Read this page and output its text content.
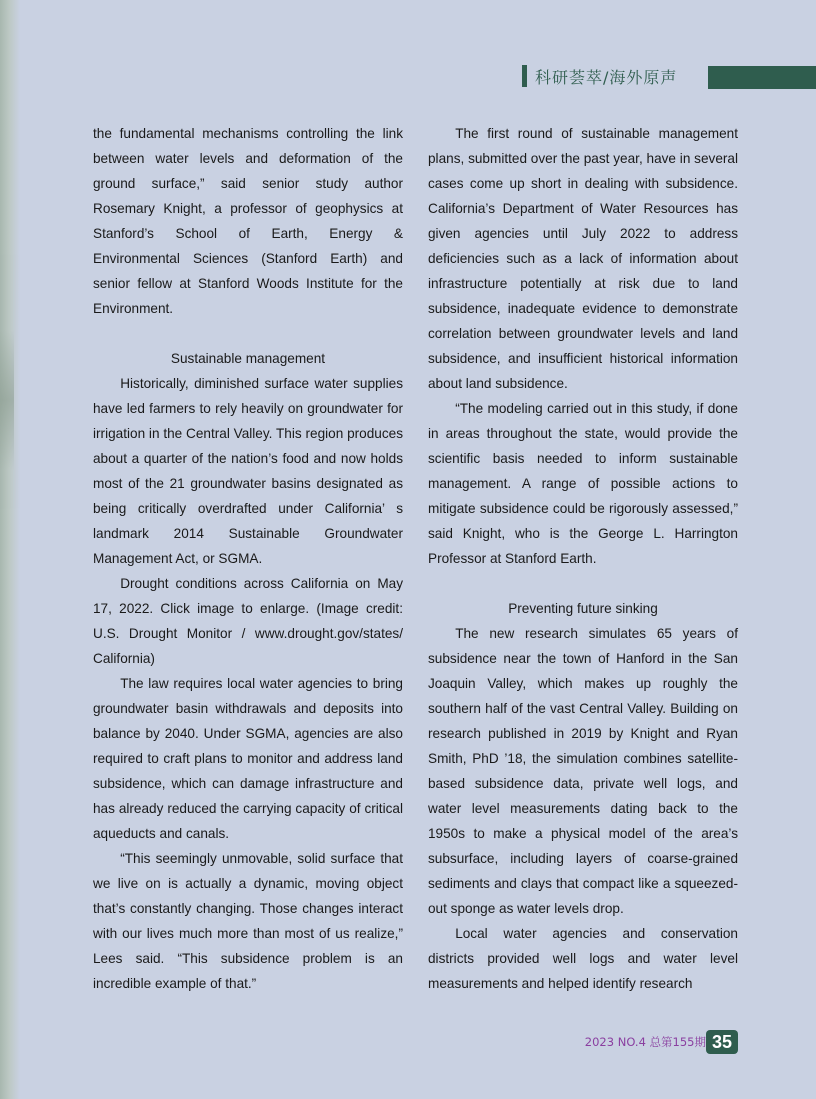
科研荟萃/海外原声

the fundamental mechanisms controlling the link between water levels and deformation of the ground surface,” said senior study author Rosemary Knight, a professor of geophysics at Stanford’s School of Earth, Energy & Environmental Sciences (Stanford Earth) and senior fellow at Stanford Woods Institute for the Environment.

Sustainable management

Historically, diminished surface water supplies have led farmers to rely heavily on groundwater for irrigation in the Central Valley. This region produces about a quarter of the nation’s food and now holds most of the 21 groundwater basins designated as being critically overdrafted under California’ s landmark 2014 Sustainable Groundwater Management Act, or SGMA.

Drought conditions across California on May 17, 2022. Click image to enlarge. (Image credit: U.S. Drought Monitor / www.drought.gov/states/ California)

The law requires local water agencies to bring groundwater basin withdrawals and deposits into balance by 2040. Under SGMA, agencies are also required to craft plans to monitor and address land subsidence, which can damage infrastructure and has already reduced the carrying capacity of critical aqueducts and canals.

“This seemingly unmovable, solid surface that we live on is actually a dynamic, moving object that’s constantly changing. Those changes interact with our lives much more than most of us realize,” Lees said. “This subsidence problem is an incredible example of that.”

The first round of sustainable management plans, submitted over the past year, have in several cases come up short in dealing with subsidence. California’s Department of Water Resources has given agencies until July 2022 to address deficiencies such as a lack of information about infrastructure potentially at risk due to land subsidence, inadequate evidence to demonstrate correlation between groundwater levels and land subsidence, and insufficient historical information about land subsidence.

“The modeling carried out in this study, if done in areas throughout the state, would provide the scientific basis needed to inform sustainable management. A range of possible actions to mitigate subsidence could be rigorously assessed,” said Knight, who is the George L. Harrington Professor at Stanford Earth.

Preventing future sinking

The new research simulates 65 years of subsidence near the town of Hanford in the San Joaquin Valley, which makes up roughly the southern half of the vast Central Valley. Building on research published in 2019 by Knight and Ryan Smith, PhD ’18, the simulation combines satellite-based subsidence data, private well logs, and water level measurements dating back to the 1950s to make a physical model of the area’s subsurface, including layers of coarse-grained sediments and clays that compact like a squeezed-out sponge as water levels drop.

Local water agencies and conservation districts provided well logs and water level measurements and helped identify research

2023 NO.4 总第155期 35
